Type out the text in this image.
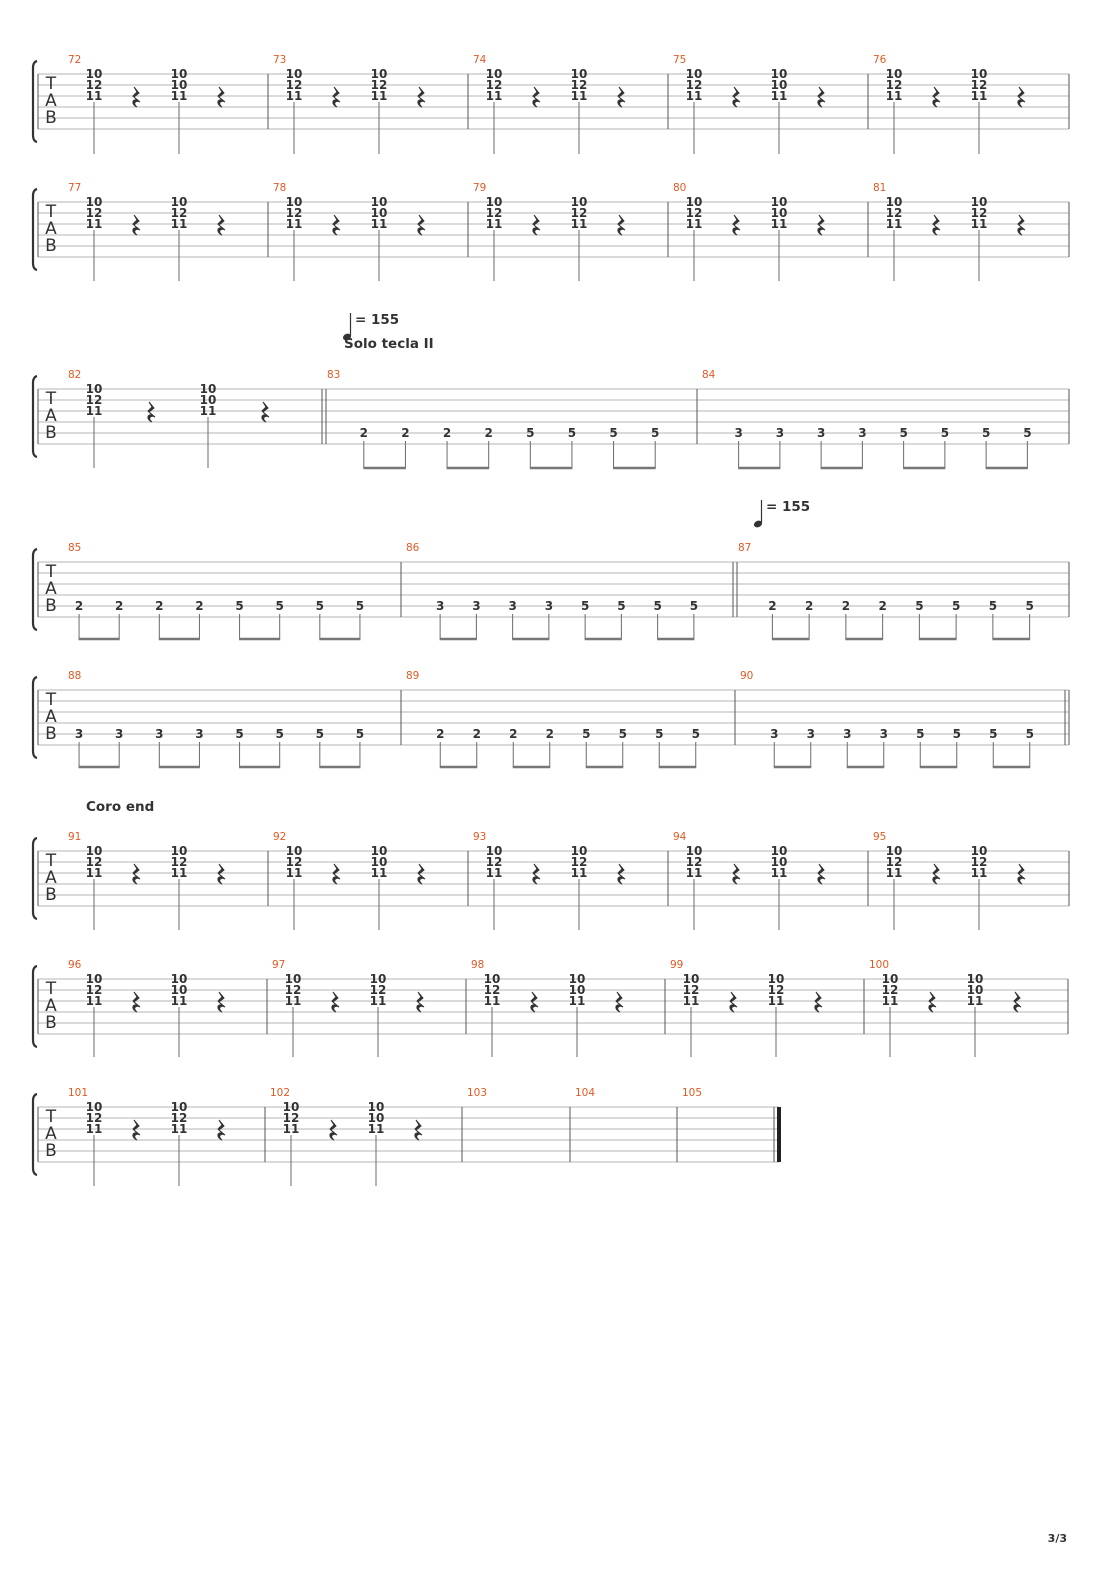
T
A
B
72
10
12
11
10
10
11
73
10
12
11
10
12
11
74
10
12
11
10
12
11
75
10
12
11
10
10
11
76
10
12
11
10
12
11
T
A
B
77
10
12
11
10
12
11
78
10
12
11
10
10
11
79
10
12
11
10
12
11
80
10
12
11
10
10
11
81
10
12
11
10
12
11
T
A
B
= 155
Solo tecla II
82
10
12
11
10
10
11
83
2	2	2	2	5	5	5	5
84
3	3	3	3	5	5	5	5
T
A
B
= 155
85
2	2	2	2	5	5	5	5
86
3 3 3 3 5 5 5 5
87
2 2 2 2 5 5 5 5
T
A
B
88
3	3	3	3	5	5	5	5
89
2 2 2 2 5 5 5 5
90
3 3 3 3 5 5 5 5
T
A
B
Coro end
91
10
12
11
10
12
11
92
10
12
11
10
10
11
93
10
12
11
10
12
11
94
10
12
11
10
10
11
95
10
12
11
10
12
11
T
A
B
96
10
12
11
10
10
11
97
10
12
11
10
12
11
98
10
12
11
10
10
11
99
10
12
11
10
12
11
100
10
12
11
10
10
11
T
A
B
101
10
12
11
10
12
11
102
10
12
11
10
10
11
103	104	105
3/3
